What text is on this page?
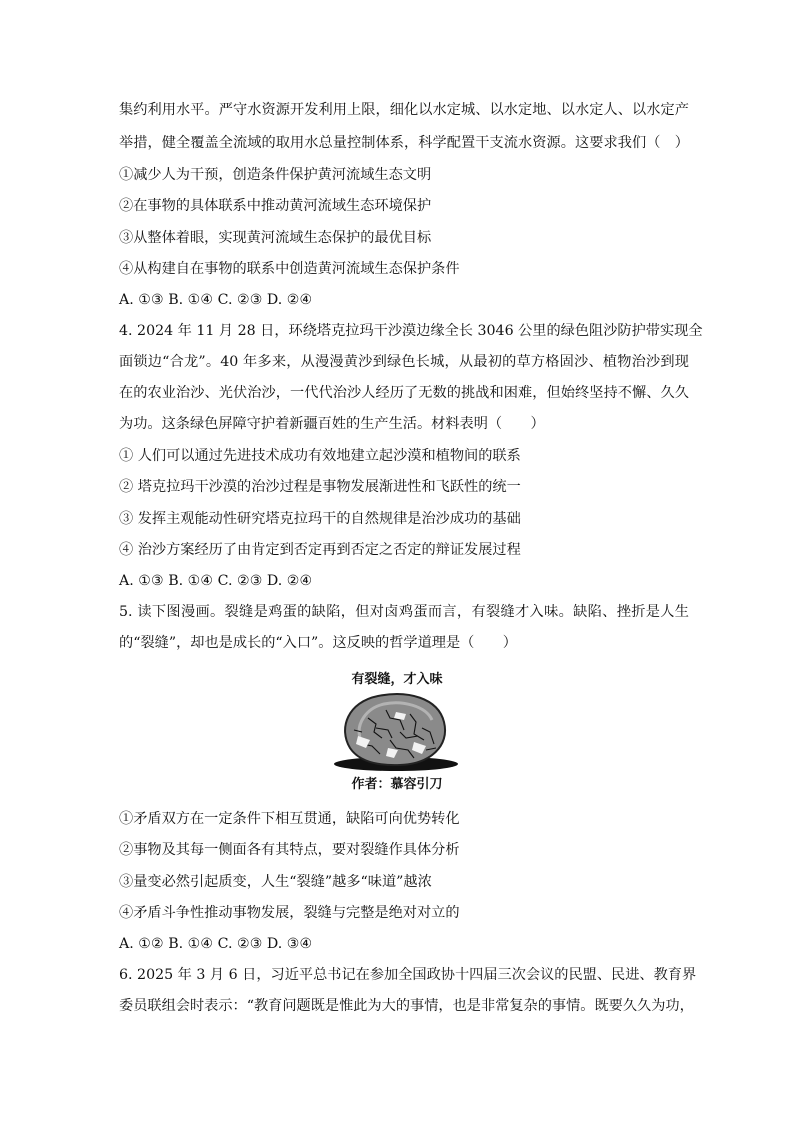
集约利用水平。严守水资源开发利用上限，细化以水定城、以水定地、以水定人、以水定产
举措，健全覆盖全流域的取用水总量控制体系，科学配置干支流水资源。这要求我们（　）
①减少人为干预，创造条件保护黄河流域生态文明
②在事物的具体联系中推动黄河流域生态环境保护
③从整体着眼，实现黄河流域生态保护的最优目标
④从构建自在事物的联系中创造黄河流域生态保护条件
A. ①③ B. ①④ C. ②③ D. ②④
4. 2024 年 11 月 28 日，环绕塔克拉玛干沙漠边缘全长 3046 公里的绿色阻沙防护带实现全
面锁边“合龙”。40 年多来，从漫漫黄沙到绿色长城，从最初的草方格固沙、植物治沙到现
在的农业治沙、光伏治沙，一代代治沙人经历了无数的挑战和困难，但始终坚持不懈、久久
为功。这条绿色屏障守护着新疆百姓的生产生活。材料表明（　　）
① 人们可以通过先进技术成功有效地建立起沙漠和植物间的联系
② 塔克拉玛干沙漠的治沙过程是事物发展渐进性和飞跃性的统一
③ 发挥主观能动性研究塔克拉玛干的自然规律是治沙成功的基础
④ 治沙方案经历了由肯定到否定再到否定之否定的辩证发展过程
A. ①③ B. ①④ C. ②③ D. ②④
5. 读下图漫画。裂缝是鸡蛋的缺陷，但对卤鸡蛋而言，有裂缝才入味。缺陷、挫折是人生
的“裂缝”，却也是成长的“入口”。这反映的哲学道理是（　　）
有裂缝，才入味
作者：慕容引刀
①矛盾双方在一定条件下相互贯通，缺陷可向优势转化
②事物及其每一侧面各有其特点，要对裂缝作具体分析
③量变必然引起质变，人生“裂缝”越多“味道”越浓
④矛盾斗争性推动事物发展，裂缝与完整是绝对对立的
A. ①② B. ①④ C. ②③ D. ③④
6. 2025 年 3 月 6 日，习近平总书记在参加全国政协十四届三次会议的民盟、民进、教育界
委员联组会时表示：“教育问题既是惟此为大的事情，也是非常复杂的事情。既要久久为功，
